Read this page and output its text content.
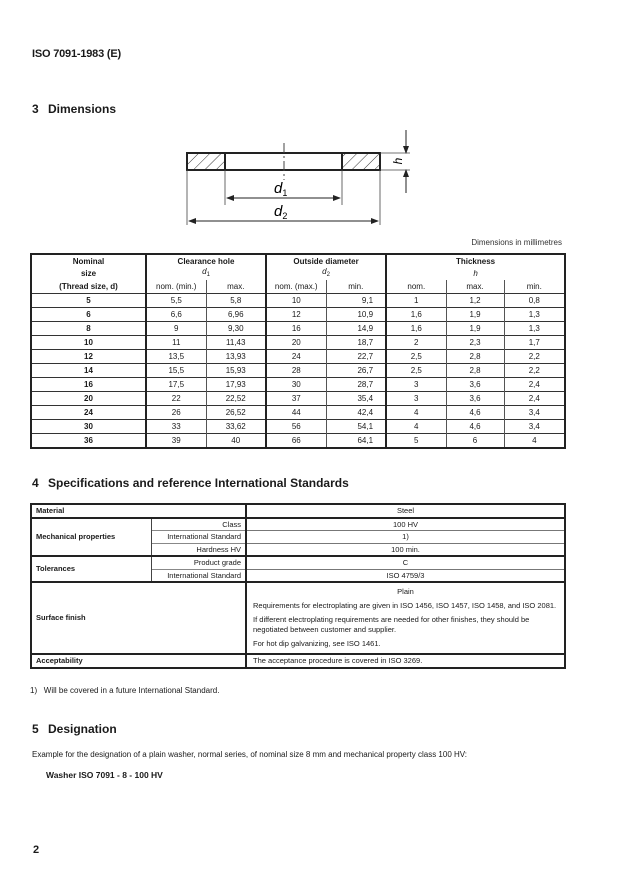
ISO 7091-1983 (E)
3 Dimensions
h
$d_1$
$d_2$
Dimensions in millimetres
Nominal	Clearance hole		Outside diameter		Thickness		
size	$d_1$		$d_2$		h		
(Thread size, d)	nom. (min.)	max.	nom. (max.)	min.	nom.	max.	min.
5	5,5	5,8	10	9,1	1	1,2	0,8
6	6,6	6,96	12	10,9	1,6	1,9	1,3
8	9	9,30	16	14,9	1,6	1,9	1,3
10	11	11,43	20	18,7	2	2,3	1,7
12	13,5	13,93	24	22,7	2,5	2,8	2,2
14	15,5	15,93	28	26,7	2,5	2,8	2,2
16	17,5	17,93	30	28,7	3	3,6	2,4
20	22	22,52	37	35,4	3	3,6	2,4
24	26	26,52	44	42,4	4	4,6	3,4
30	33	33,62	56	54,1	4	4,6	3,4
36	39	40	66	64,1	5	6	4
4 Specifications and reference International Standards
Material		Steel
Mechanical properties	Class	100 HV
	International Standard	1)
	Hardness HV	100 min.
Tolerances	Product grade	C
	International Standard	ISO 4759/3
Surface finish		Plain

Requirements for electroplating are given in ISO 1456, ISO 1457, ISO 1458, and ISO 2081.

If different electroplating requirements are needed for other finishes, they should be negotiated between customer and supplier.

For hot dip galvanizing, see ISO 1461.

Acceptability		The acceptance procedure is covered in ISO 3269.
1)   Will be covered in a future International Standard.
5 Designation
Example for the designation of a plain washer, normal series, of nominal size 8 mm and mechanical property class 100 HV:
Washer ISO 7091 - 8 - 100 HV
2
